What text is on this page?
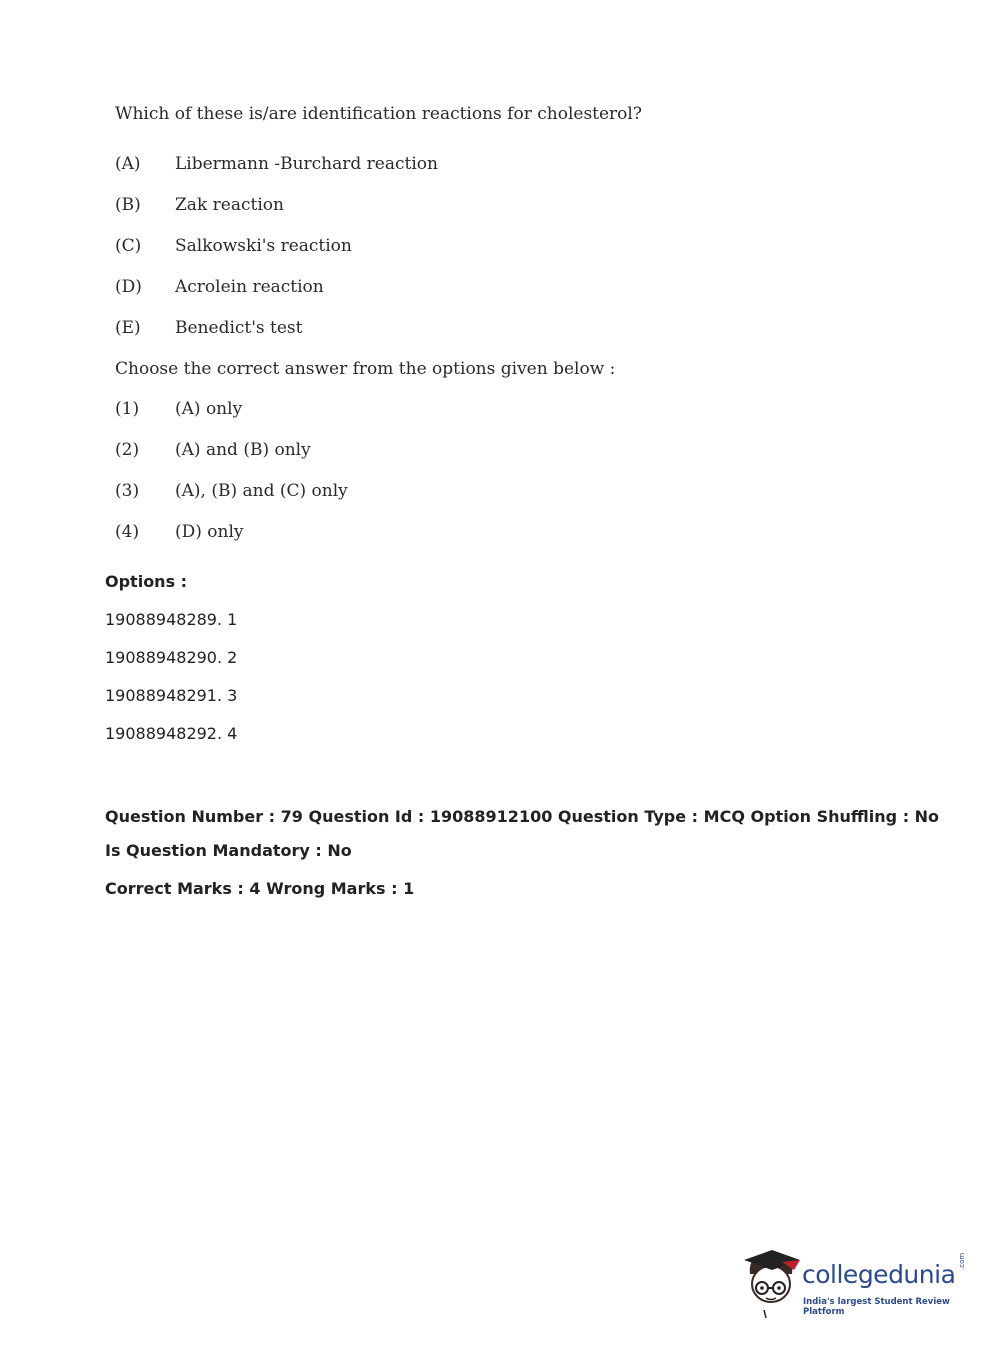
Which of these is/are identification reactions for cholesterol?
(A) Libermann -Burchard reaction
(B) Zak reaction
(C) Salkowski's reaction
(D) Acrolein reaction
(E) Benedict's test
Choose the correct answer from the options given below :
(1) (A) only
(2) (A) and (B) only
(3) (A), (B) and (C) only
(4) (D) only
Options :
19088948289. 1
19088948290. 2
19088948291. 3
19088948292. 4
Question Number : 79 Question Id : 19088912100 Question Type : MCQ Option Shuffling : No
Is Question Mandatory : No
Correct Marks : 4 Wrong Marks : 1
collegedunia .com
India's largest Student Review Platform
